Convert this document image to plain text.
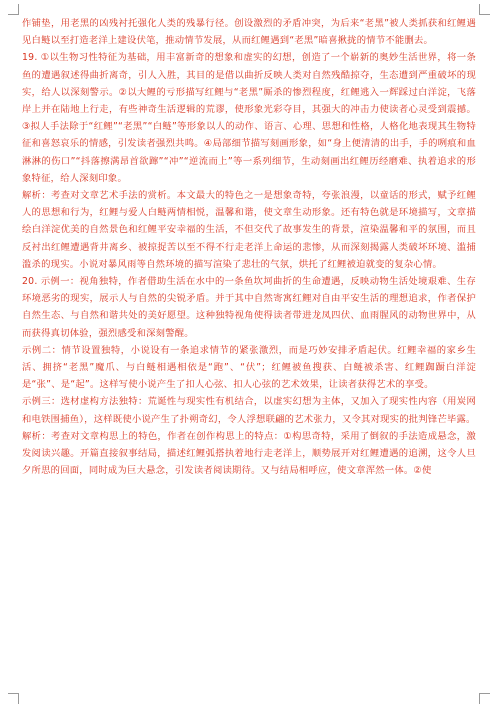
作铺垫，用老黑的凶残衬托强化人类的残暴行径。创设激烈的矛盾冲突，为后来“老黑”被人类抓获和红鲤遇见白鲢以至打造老洋上建设伏笔，推动情节发展，从而红鲤遇到“老黑”暗喜揪拢的情节不能删去。

19. ①以生物习性特征为基础，用丰富新奇的想象和虚实的幻想，创造了一个崭新的奥妙生活世界，将一条鱼的遭遇叙述得曲折离奇，引人入胜，其目的是借以曲折反映人类对自然残酷掠夺，生态遭到严重破坏的现实，给人以深刻警示。②以大鲤的亏形描写红鲤与“老黑”厮杀的惨烈程度，红鲤逃入一辉踩过白洋淀，飞落岸上并在陆地上行走，有些神奇生活逻辑的荒谬，使形象光彩夺目，其强大的冲击力使读者心灵受到震撼。③拟人手法除于“红鲤”“老黑”“白鲢”等形象以人的动作、语言、心理、思想和性格，人格化地表现其生物特征和喜怒哀乐的情感，引发读者强烈共鸣。④局部细节描写刻画形象，如“身上便清清的出手，手的咧痕和血淋淋的伤口”“抖落擦满昂首欲蹿”“冲”“逆流而上”等一系列细节，生动刻画出红鲤历经磨难、执着追求的形象特征，给人深刻印象。

解析：考查对文章艺术手法的赏析。本文最大的特色之一是想象奇特，夸张浪漫，以童话的形式，赋予红鲤人的思想和行为，红鲤与爱人白鲢两情相悦，温馨和谐，使文章生动形象。还有特色就是环境描写，文章描绘白洋淀优美的自然景色和红鲤平安幸福的生活，不但交代了故事发生的背景，渲染温馨和平的氛围，而且反衬出红鲤遭遇背井离乡、被掠捉苦以至不得不行走老洋上命运的悲惨，从而深刻揭露人类破坏环境、滥捕滥杀的现实。小说对暴风雨等自然环境的描写渲染了悲壮的气氛，烘托了红鲤被迫就变的复杂心情。

20. 示例一：视角独特，作者借助生活在水中的一条鱼坎坷曲折的生命遭遇，反映动物生活处境艰难、生存环境恶劣的现实，展示人与自然的尖锐矛盾。并于其中自然寄寓红鲤对自由平安生活的理想追求，作者保护自然生态、与自然和谐共处的美好愿望。这种独特视角使得读者带进龙凤四伏、血雨腥风的动物世界中，从而获得真切体验，强烈感受和深刻警醒。

示例二：情节设置独特，小说设有一条追求情节的紧张激烈，而是巧妙安排矛盾起伏。红鲤幸福的家乡生活、拥挤“老黑”魔爪、与白鲢相遇相依是“跑”、“伏”；红鲤被鱼搜获、白鲢被杀害、红鲤踟蹰白洋淀是“张”、是“起”。这样写使小说产生了扣人心弦、扣人心弦的艺术效果，让读者获得艺术的享受。

示例三：选材虚构方法独特：荒诞性与现实性有机结合，以虚实幻想为主体，又加入了现实性内容（用炭网和电铁围捕鱼），这样既使小说产生了扑朔奇幻，令人浮想联翩的艺术张力，又令其对现实的批判锋芒毕露。

解析：考查对文章构思上的特色，作者在创作构思上的特点：①构思奇特，采用了倒叙的手法造成悬念，激发阅读兴趣。开篇直接叙事结局，描述红鲤弧搭执着地行走老洋上，顺势展开对红鲤遭遇的追溯，这令人旦夕所思的回面，同时成为巨大悬念，引发读者阅读期待。又与结局相呼应，使文章浑然一体。②使
